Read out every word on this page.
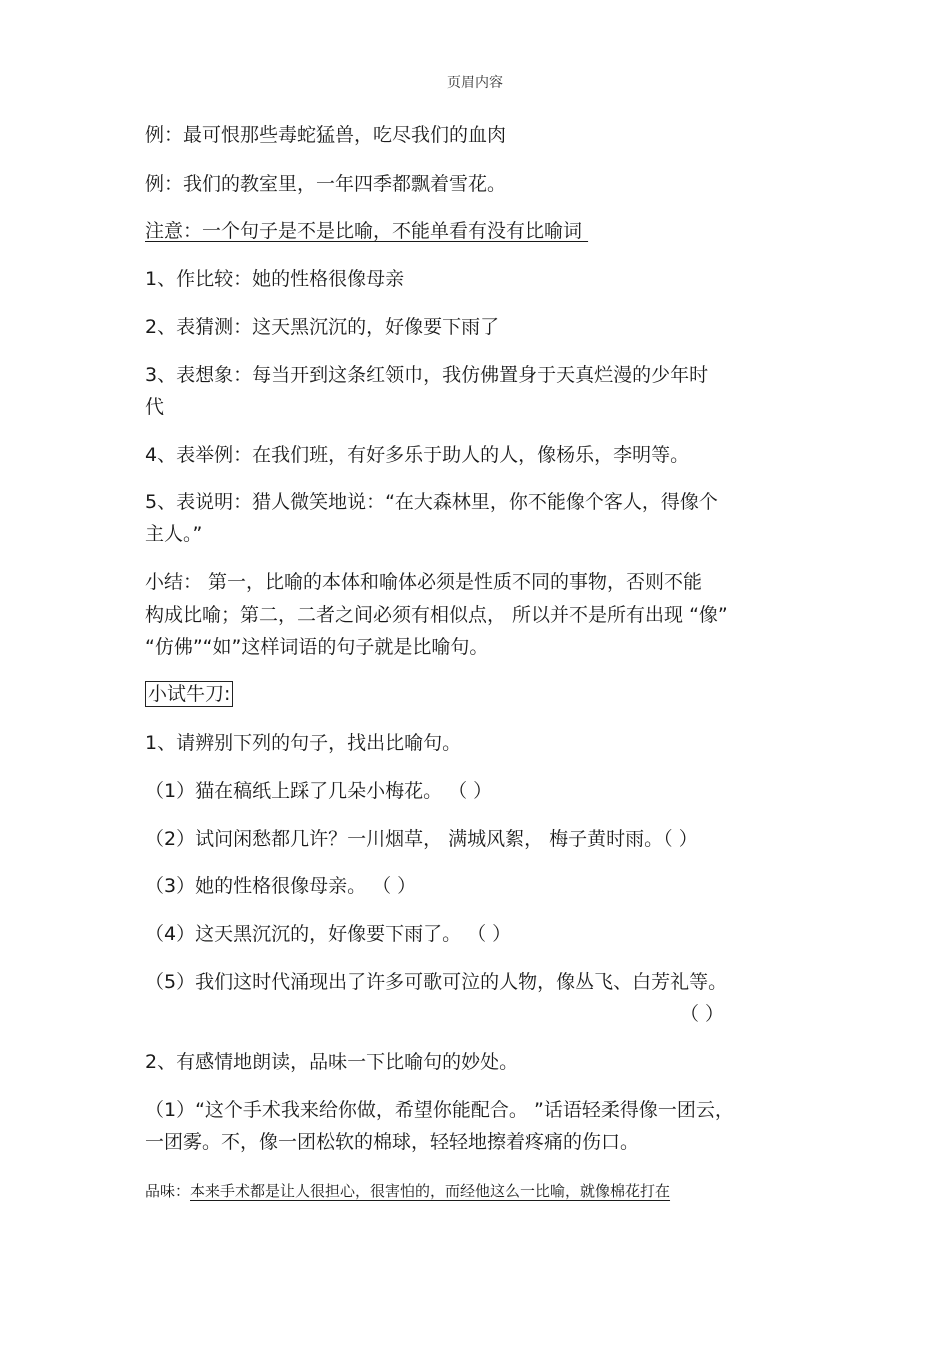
页眉内容
例：最可恨那些毒蛇猛兽，吃尽我们的血肉
例：我们的教室里，一年四季都飘着雪花。
注意：一个句子是不是比喻，不能单看有没有比喻词
1、作比较：她的性格很像母亲
2、表猜测：这天黑沉沉的，好像要下雨了
3、表想象：每当开到这条红领巾，我仿佛置身于天真烂漫的少年时
代
4、表举例：在我们班，有好多乐于助人的人，像杨乐，李明等。
5、表说明：猎人微笑地说：“在大森林里，你不能像个客人，得像个
主人。”
小结： 第一，比喻的本体和喻体必须是性质不同的事物，否则不能
构成比喻；第二，二者之间必须有相似点， 所以并不是所有出现 “像”
“仿佛”“如”这样词语的句子就是比喻句。
小试牛刀:
1、请辨别下列的句子，找出比喻句。
（1）猫在稿纸上踩了几朵小梅花。 （ ）
（2）试问闲愁都几许？一川烟草， 满城风絮， 梅子黄时雨。（ ）
（3）她的性格很像母亲。 （ ）
（4）这天黑沉沉的，好像要下雨了。 （ ）
（5）我们这时代涌现出了许多可歌可泣的人物，像丛飞、白芳礼等。
（ ）
2、有感情地朗读，品味一下比喻句的妙处。
（1）“这个手术我来给你做，希望你能配合。 ”话语轻柔得像一团云，
一团雾。不，像一团松软的棉球，轻轻地擦着疼痛的伤口。
品味：本来手术都是让人很担心，很害怕的，而经他这么一比喻，就像棉花打在
